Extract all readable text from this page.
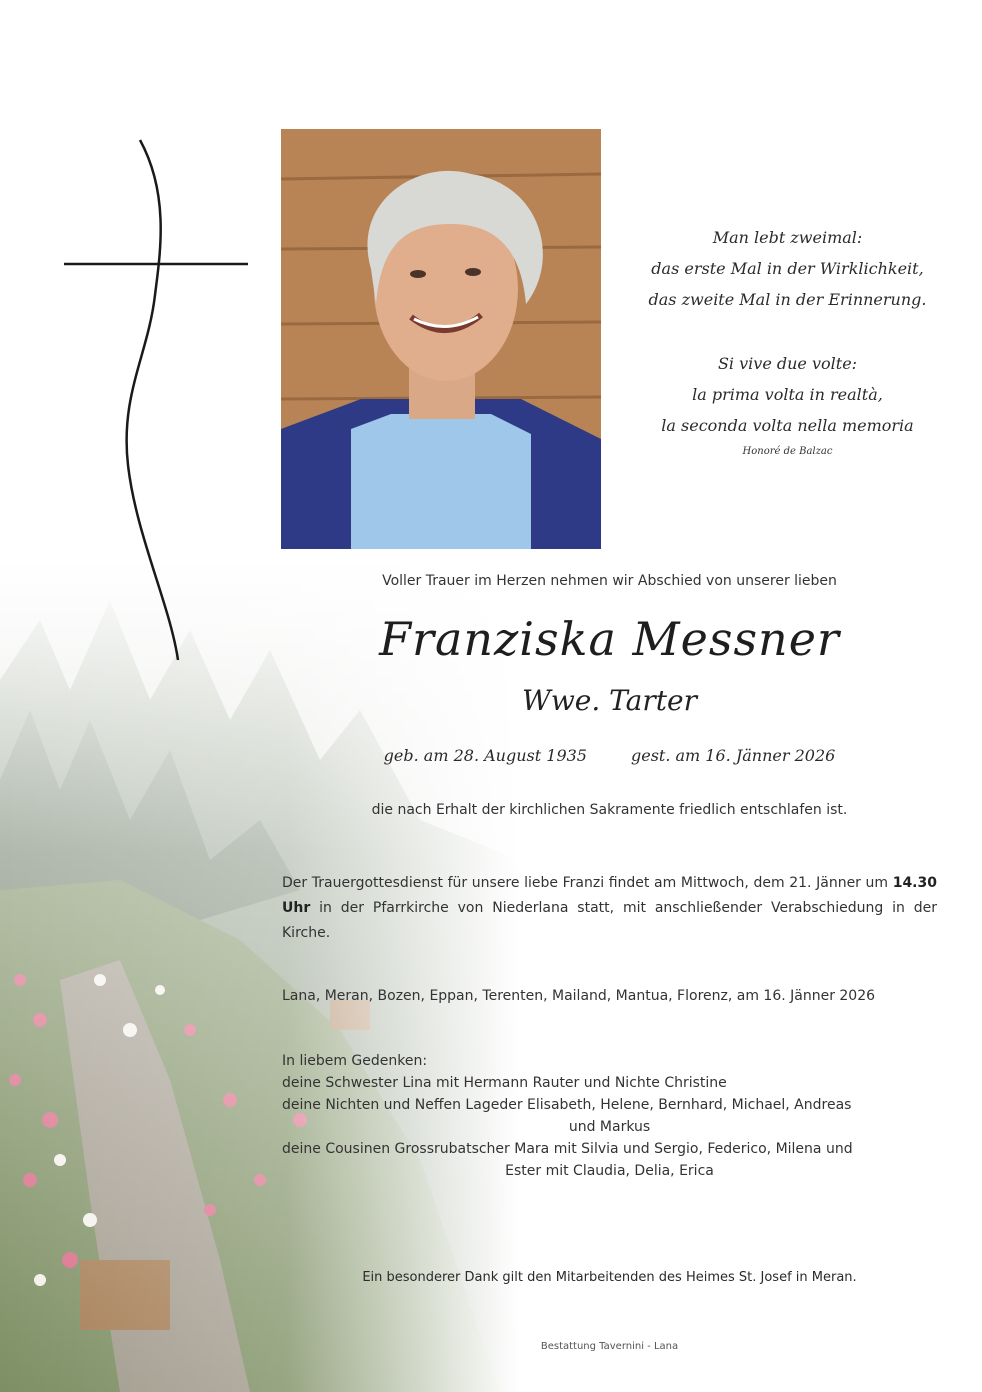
Man lebt zweimal:
das erste Mal in der Wirklichkeit,
das zweite Mal in der Erinnerung.
Si vive due volte:
la prima volta in realtà,
la seconda volta nella memoria
Honoré de Balzac
Voller Trauer im Herzen nehmen wir Abschied von unserer lieben
Franziska Messner
Wwe. Tarter
geb. am 28. August 1935	gest. am 16. Jänner 2026
die nach Erhalt der kirchlichen Sakramente friedlich entschlafen ist.
Der Trauergottesdienst für unsere liebe Franzi findet am Mittwoch, dem 21. Jänner um 14.30 Uhr in der Pfarrkirche von Niederlana statt, mit anschließender Verabschiedung in der Kirche.
Lana, Meran, Bozen, Eppan, Terenten, Mailand, Mantua, Florenz, am 16. Jänner 2026
In liebem Gedenken:
deine Schwester Lina mit Hermann Rauter und Nichte Christine
deine Nichten und Neffen Lageder Elisabeth, Helene, Bernhard, Michael, Andreas
und Markus
deine Cousinen Grossrubatscher Mara mit Silvia und Sergio, Federico, Milena und
Ester mit Claudia, Delia, Erica
Ein besonderer Dank gilt den Mitarbeitenden des Heimes St. Josef in Meran.
Bestattung Tavernini - Lana
